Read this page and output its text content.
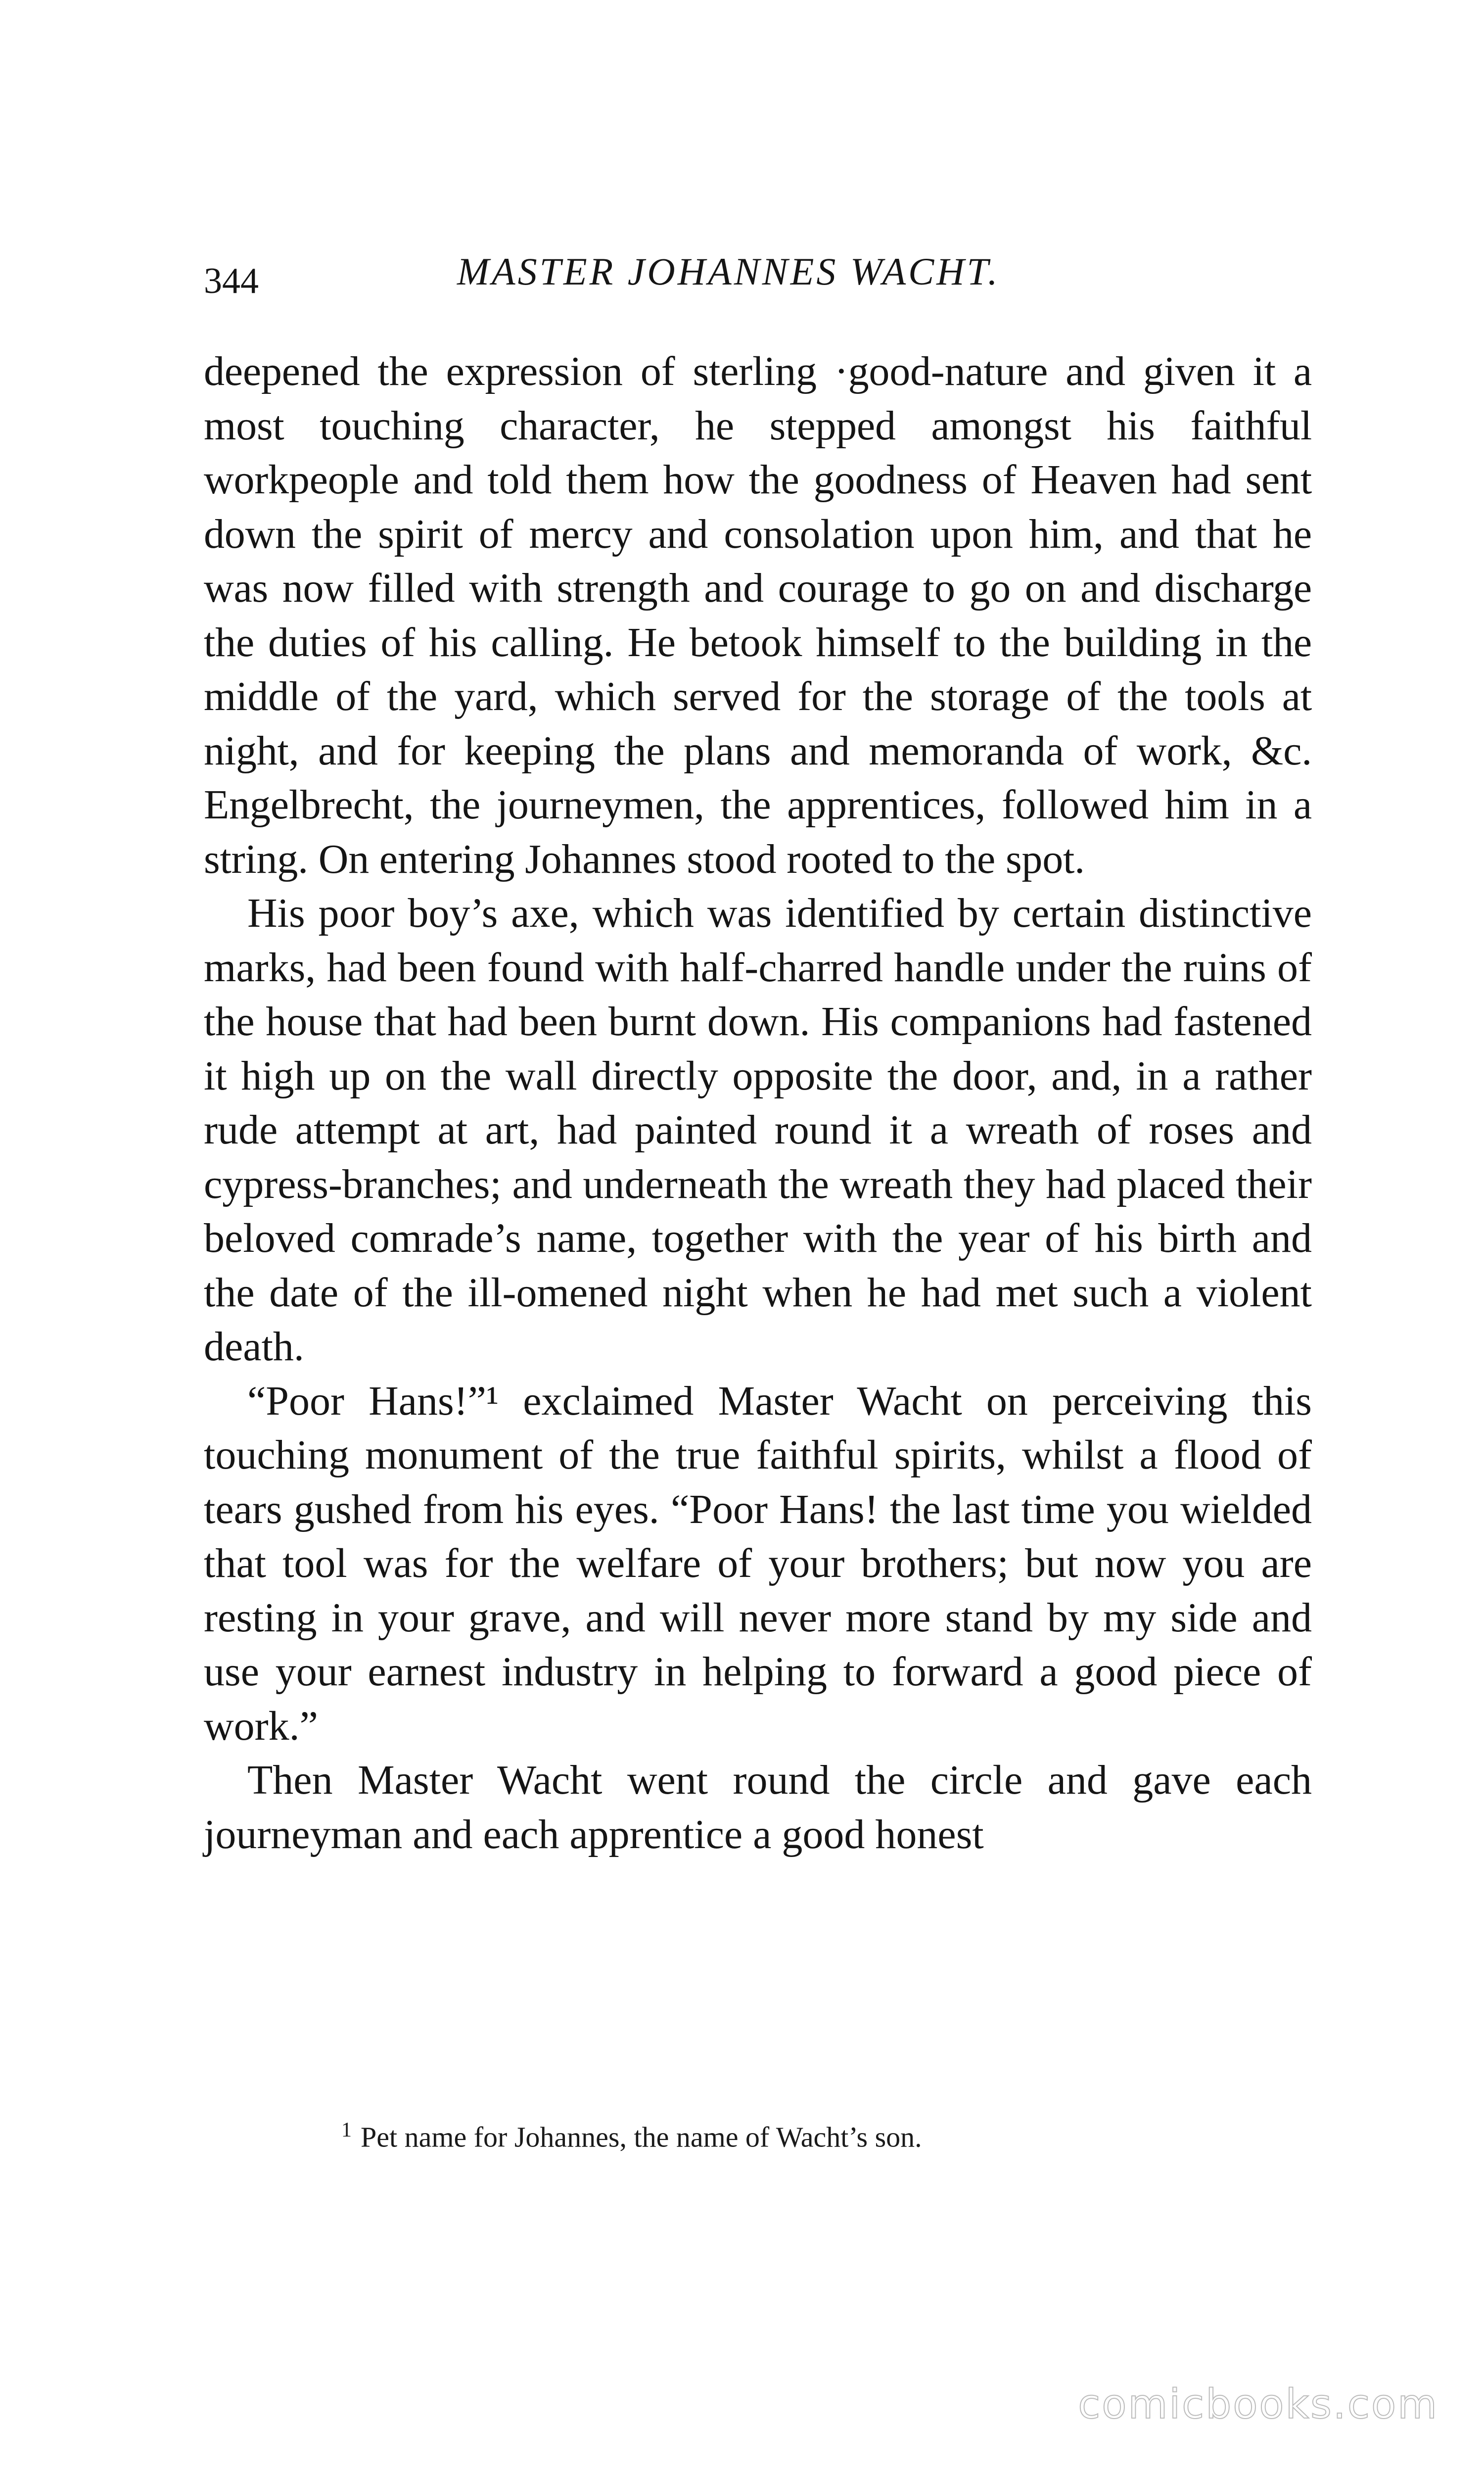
344	MASTER JOHANNES WACHT.

deepened the expression of sterling ·good-nature and given it a most touching character, he stepped amongst his faithful workpeople and told them how the goodness of Heaven had sent down the spirit of mercy and consolation upon him, and that he was now filled with strength and courage to go on and discharge the duties of his calling. He betook himself to the building in the middle of the yard, which served for the storage of the tools at night, and for keeping the plans and memoranda of work, &c. Engelbrecht, the journeymen, the apprentices, followed him in a string. On entering Johannes stood rooted to the spot.

His poor boy’s axe, which was identified by certain distinctive marks, had been found with half-charred handle under the ruins of the house that had been burnt down. His companions had fastened it high up on the wall directly opposite the door, and, in a rather rude attempt at art, had painted round it a wreath of roses and cypress-branches; and underneath the wreath they had placed their beloved comrade’s name, together with the year of his birth and the date of the ill-omened night when he had met such a violent death.

“Poor Hans!”¹ exclaimed Master Wacht on perceiving this touching monument of the true faithful spirits, whilst a flood of tears gushed from his eyes. “Poor Hans! the last time you wielded that tool was for the welfare of your brothers; but now you are resting in your grave, and will never more stand by my side and use your earnest industry in helping to forward a good piece of work.”

Then Master Wacht went round the circle and gave each journeyman and each apprentice a good honest

$^1$ Pet name for Johannes, the name of Wacht’s son.
comicbooks.com
